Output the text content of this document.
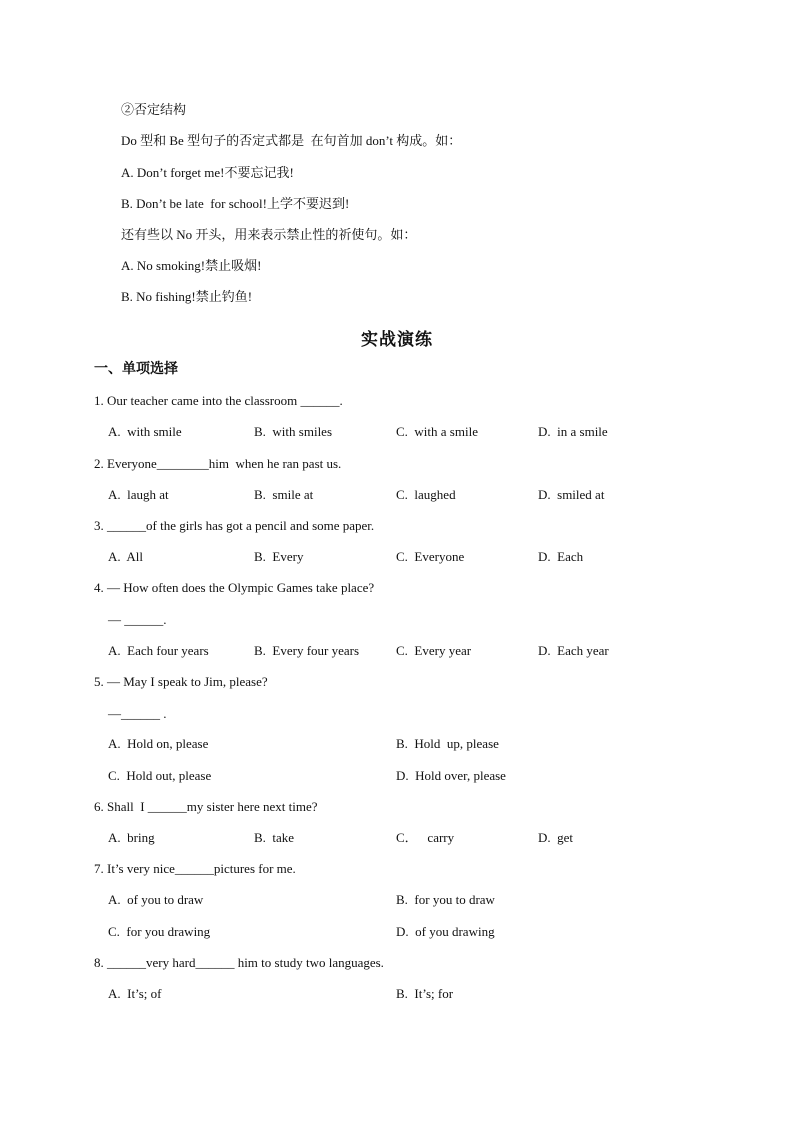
②否定结构
Do 型和 Be 型句子的否定式都是  在句首加 don’t 构成。如：
A. Don’t forget me!不要忘记我!
B. Don’t be late  for school!上学不要迟到!
还有些以 No 开头，用来表示禁止性的祈使句。如：
A. No smoking!禁止吸烟!
B. No fishing!禁止钓鱼!
实战演练
一、单项选择
1. Our teacher came into the classroom ______.
A.  with smile	B.  with smiles	C.  with a smile	D.  in a smile
2. Everyone________him  when he ran past us.
A.  laugh at	B.  smile at	C.  laughed	D.  smiled at
3. ______of the girls has got a pencil and some paper.
A.  All	B.  Every	C.  Everyone	D.  Each
4. — How often does the Olympic Games take place?
— ______.
A.  Each four years	B.  Every four years	C.  Every year	D.  Each year
5. — May I speak to Jim, please?
—______ .
A.  Hold on, please	B.  Hold  up, please
C.  Hold out, please	D.  Hold over, please
6. Shall  I ______my sister here next time?
A.  bring	B.  take	C．   carry	D.  get
7. It’s very nice______pictures for me.
A.  of you to draw	B.  for you to draw
C.  for you drawing	D.  of you drawing
8. ______very hard______ him to study two languages.
A.  It’s; of	B.  It’s; for
